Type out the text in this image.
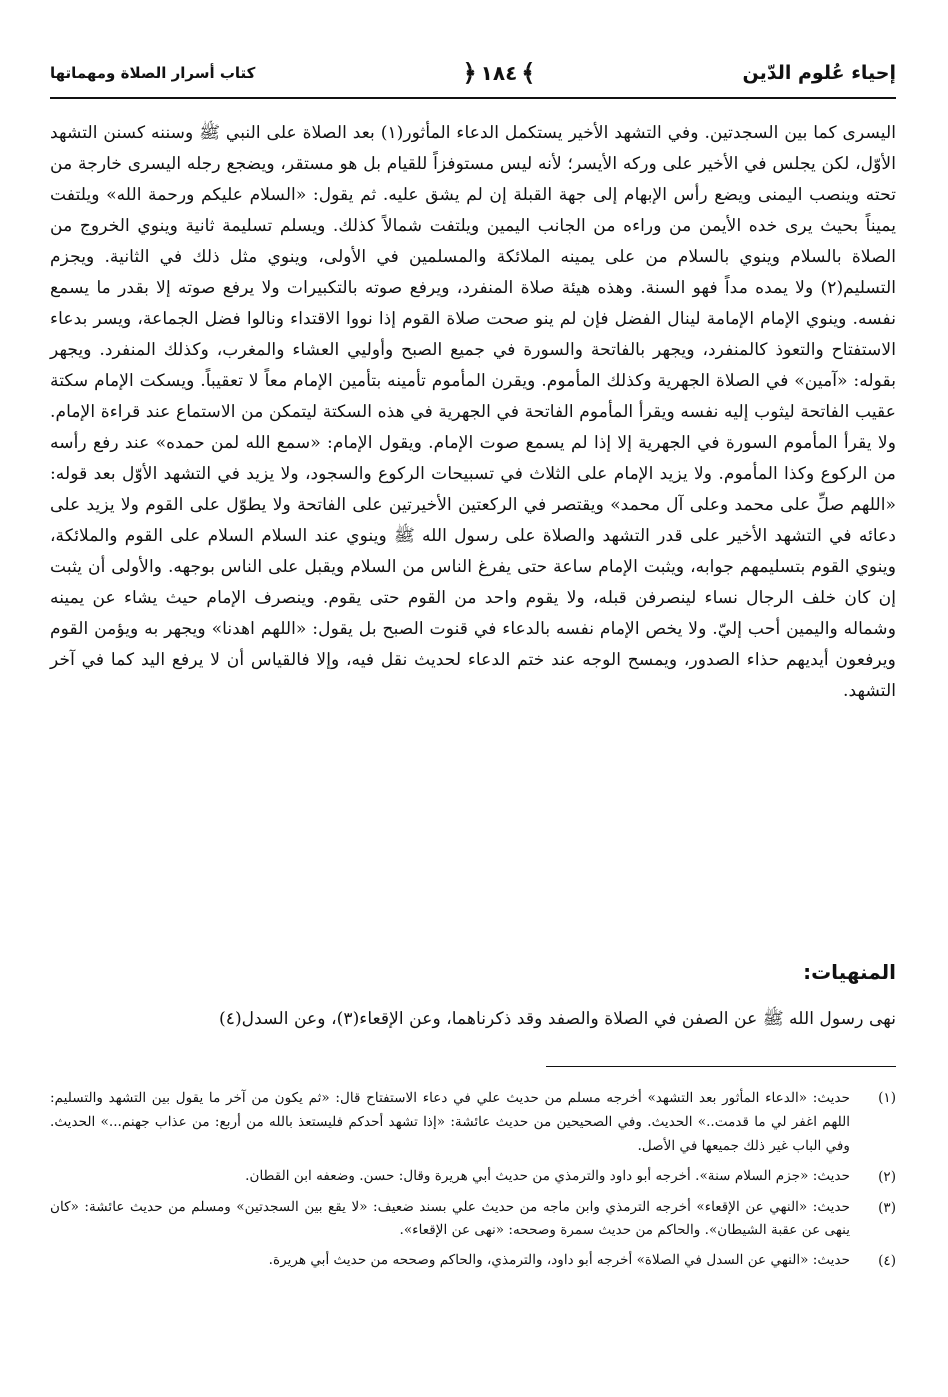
إحياء عُلوم الدّين
﴾
١٨٤
﴿
كتاب أسرار الصلاة ومهماتها

اليسرى كما بين السجدتين. وفي التشهد الأخير يستكمل الدعاء المأثور(١) بعد الصلاة على النبي ﷺ وسننه كسنن التشهد الأوّل، لكن يجلس في الأخير على وركه الأيسر؛ لأنه ليس مستوفزاً للقيام بل هو مستقر، ويضجع رجله اليسرى خارجة من تحته وينصب اليمنى ويضع رأس الإبهام إلى جهة القبلة إن لم يشق عليه. ثم يقول: «السلام عليكم ورحمة الله» ويلتفت يميناً بحيث يرى خده الأيمن من وراءه من الجانب اليمين ويلتفت شمالاً كذلك. ويسلم تسليمة ثانية وينوي الخروج من الصلاة بالسلام وينوي بالسلام من على يمينه الملائكة والمسلمين في الأولى، وينوي مثل ذلك في الثانية. ويجزم التسليم(٢) ولا يمده مداً فهو السنة. وهذه هيئة صلاة المنفرد، ويرفع صوته بالتكبيرات ولا يرفع صوته إلا بقدر ما يسمع نفسه. وينوي الإمام الإمامة لينال الفضل فإن لم ينو صحت صلاة القوم إذا نووا الاقتداء ونالوا فضل الجماعة، ويسر بدعاء الاستفتاح والتعوذ كالمنفرد، ويجهر بالفاتحة والسورة في جميع الصبح وأوليي العشاء والمغرب، وكذلك المنفرد. ويجهر بقوله: «آمين» في الصلاة الجهرية وكذلك المأموم. ويقرن المأموم تأمينه بتأمين الإمام معاً لا تعقيباً. ويسكت الإمام سكتة عقيب الفاتحة ليثوب إليه نفسه ويقرأ المأموم الفاتحة في الجهرية في هذه السكتة ليتمكن من الاستماع عند قراءة الإمام. ولا يقرأ المأموم السورة في الجهرية إلا إذا لم يسمع صوت الإمام. ويقول الإمام: «سمع الله لمن حمده» عند رفع رأسه من الركوع وكذا المأموم. ولا يزيد الإمام على الثلاث في تسبيحات الركوع والسجود، ولا يزيد في التشهد الأوّل بعد قوله: «اللهم صلِّ على محمد وعلى آل محمد» ويقتصر في الركعتين الأخيرتين على الفاتحة ولا يطوّل على القوم ولا يزيد على دعائه في التشهد الأخير على قدر التشهد والصلاة على رسول الله ﷺ وينوي عند السلام السلام على القوم والملائكة، وينوي القوم بتسليمهم جوابه، ويثبت الإمام ساعة حتى يفرغ الناس من السلام ويقبل على الناس بوجهه. والأولى أن يثبت إن كان خلف الرجال نساء لينصرفن قبله، ولا يقوم واحد من القوم حتى يقوم. وينصرف الإمام حيث يشاء عن يمينه وشماله واليمين أحب إليّ. ولا يخص الإمام نفسه بالدعاء في قنوت الصبح بل يقول: «اللهم اهدنا» ويجهر به ويؤمن القوم ويرفعون أيديهم حذاء الصدور، ويمسح الوجه عند ختم الدعاء لحديث نقل فيه، وإلا فالقياس أن لا يرفع اليد كما في آخر التشهد.

المنهيات:
نهى رسول الله ﷺ عن الصفن في الصلاة والصفد وقد ذكرناهما، وعن الإقعاء(٣)، وعن السدل(٤)
(١)
حديث: «الدعاء المأثور بعد التشهد» أخرجه مسلم من حديث علي في دعاء الاستفتاح قال: «ثم يكون من آخر ما يقول بين التشهد والتسليم: اللهم اغفر لي ما قدمت..» الحديث. وفي الصحيحين من حديث عائشة: «إذا تشهد أحدكم فليستعذ بالله من أربع: من عذاب جهنم...» الحديث. وفي الباب غير ذلك جميعها في الأصل.
(٢)
حديث: «جزم السلام سنة». أخرجه أبو داود والترمذي من حديث أبي هريرة وقال: حسن. وضعفه ابن القطان.
(٣)
حديث: «النهي عن الإقعاء» أخرجه الترمذي وابن ماجه من حديث علي بسند ضعيف: «لا يقع بين السجدتين» ومسلم من حديث عائشة: «كان ينهى عن عقبة الشيطان». والحاكم من حديث سمرة وصححه: «نهى عن الإقعاء».
(٤)
حديث: «النهي عن السدل في الصلاة» أخرجه أبو داود، والترمذي، والحاكم وصححه من حديث أبي هريرة.
